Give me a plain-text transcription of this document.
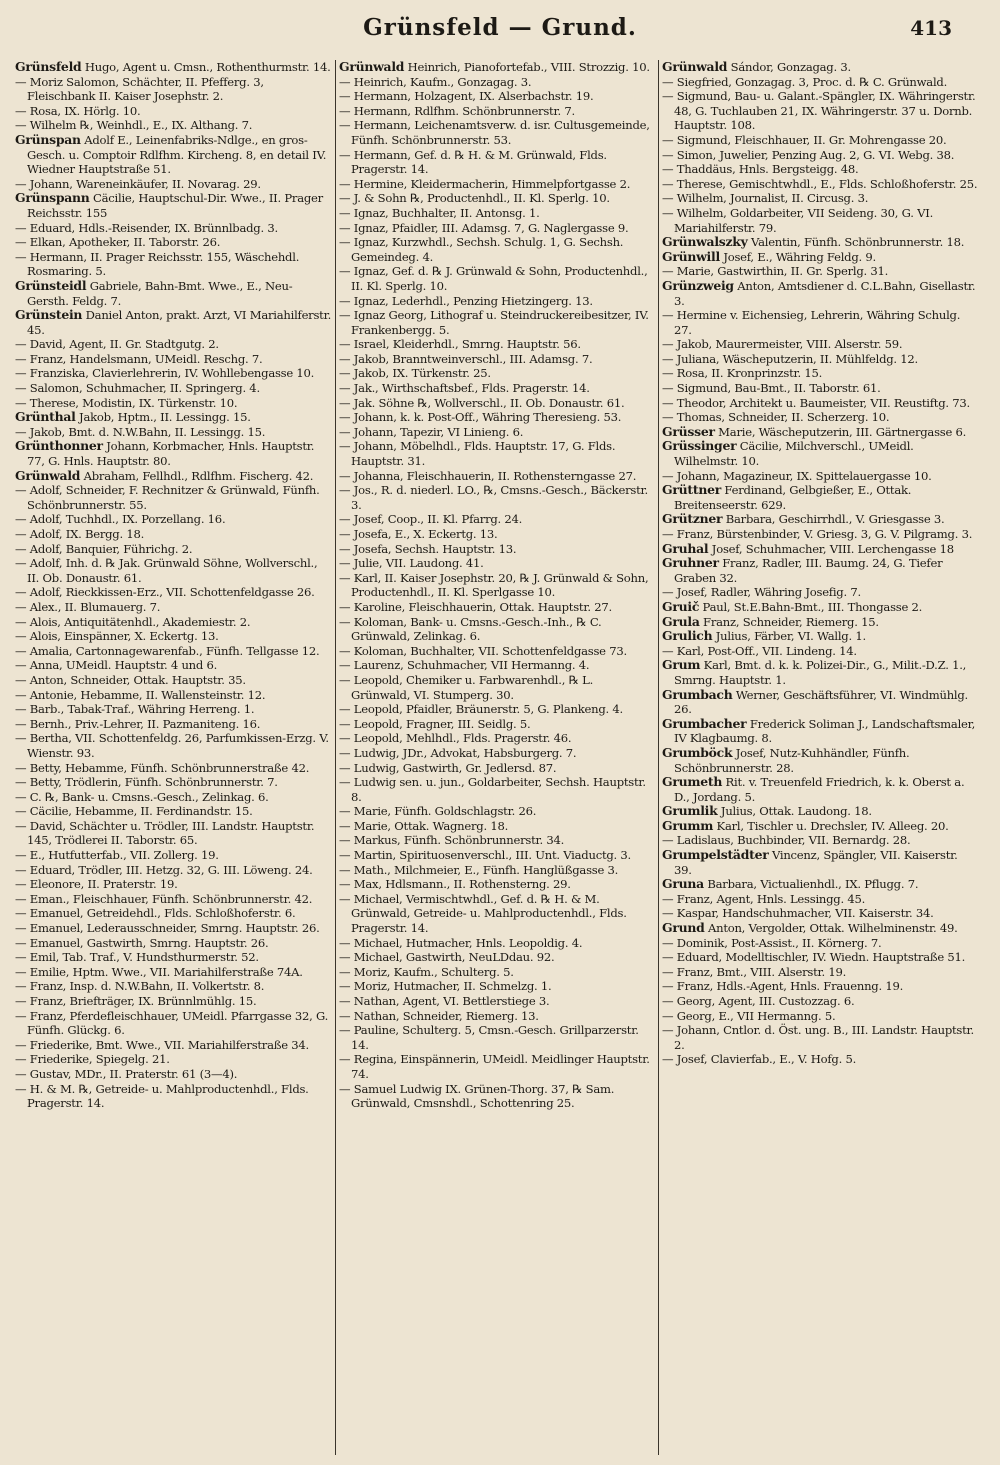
Grünsfeld — Grund.	413

Grünsfeld Hugo, Agent u. Cmsn., Rothenthurmstr. 14.

— Moriz Salomon, Schächter, II. Pfefferg. 3, Fleischbank II. Kaiser Josephstr. 2.

— Rosa, IX. Hörlg. 10.

— Wilhelm ℞, Weinhdl., E., IX. Althang. 7.

Grünspan Adolf E., Leinenfabriks-Ndlge., en gros-Gesch. u. Comptoir Rdlfhm. Kircheng. 8, en detail IV. Wiedner Hauptstraße 51.

— Johann, Wareneinkäufer, II. Novarag. 29.

Grünspann Cäcilie, Hauptschul-Dir. Wwe., II. Prager Reichsstr. 155

— Eduard, Hdls.-Reisender, IX. Brünnlbadg. 3.

— Elkan, Apotheker, II. Taborstr. 26.

— Hermann, II. Prager Reichsstr. 155, Wäschehdl. Rosmaring. 5.

Grünsteidl Gabriele, Bahn-Bmt. Wwe., E., Neu-Gersth. Feldg. 7.

Grünstein Daniel Anton, prakt. Arzt, VI Mariahilferstr. 45.

— David, Agent, II. Gr. Stadtgutg. 2.

— Franz, Handelsmann, UMeidl. Reschg. 7.

— Franziska, Clavierlehrerin, IV. Wohllebengasse 10.

— Salomon, Schuhmacher, II. Springerg. 4.

— Therese, Modistin, IX. Türkenstr. 10.

Grünthal Jakob, Hptm., II. Lessingg. 15.

— Jakob, Bmt. d. N.W.Bahn, II. Lessingg. 15.

Grünthonner Johann, Korbmacher, Hnls. Hauptstr. 77, G. Hnls. Hauptstr. 80.

Grünwald Abraham, Fellhdl., Rdlfhm. Fischerg. 42.

— Adolf, Schneider, F. Rechnitzer & Grünwald, Fünfh. Schönbrunnerstr. 55.

— Adolf, Tuchhdl., IX. Porzellang. 16.

— Adolf, IX. Bergg. 18.

— Adolf, Banquier, Führichg. 2.

— Adolf, Inh. d. ℞ Jak. Grünwald Söhne, Wollverschl., II. Ob. Donaustr. 61.

— Adolf, Rieckkissen-Erz., VII. Schottenfeldgasse 26.

— Alex., II. Blumauerg. 7.

— Alois, Antiquitätenhdl., Akademiestr. 2.

— Alois, Einspänner, X. Eckertg. 13.

— Amalia, Cartonnagewarenfab., Fünfh. Tellgasse 12.

— Anna, UMeidl. Hauptstr. 4 und 6.

— Anton, Schneider, Ottak. Hauptstr. 35.

— Antonie, Hebamme, II. Wallensteinstr. 12.

— Barb., Tabak-Traf., Währing Herreng. 1.

— Bernh., Priv.-Lehrer, II. Pazmaniteng. 16.

— Bertha, VII. Schottenfeldg. 26, Parfumkissen-Erzg. V. Wienstr. 93.

— Betty, Hebamme, Fünfh. Schönbrunnerstraße 42.

— Betty, Trödlerin, Fünfh. Schönbrunnerstr. 7.

— C. ℞, Bank- u. Cmsns.-Gesch., Zelinkag. 6.

— Cäcilie, Hebamme, II. Ferdinandstr. 15.

— David, Schächter u. Trödler, III. Landstr. Hauptstr. 145, Trödlerei II. Taborstr. 65.

— E., Hutfutterfab., VII. Zollerg. 19.

— Eduard, Trödler, III. Hetzg. 32, G. III. Löweng. 24.

— Eleonore, II. Praterstr. 19.

— Eman., Fleischhauer, Fünfh. Schönbrunnerstr. 42.

— Emanuel, Getreidehdl., Flds. Schloßhoferstr. 6.

— Emanuel, Lederausschneider, Smrng. Hauptstr. 26.

— Emanuel, Gastwirth, Smrng. Hauptstr. 26.

— Emil, Tab. Traf., V. Hundsthurmerstr. 52.

— Emilie, Hptm. Wwe., VII. Mariahilferstraße 74A.

— Franz, Insp. d. N.W.Bahn, II. Volkertstr. 8.

— Franz, Briefträger, IX. Brünnlmühlg. 15.

— Franz, Pferdefleischhauer, UMeidl. Pfarrgasse 32, G. Fünfh. Glückg. 6.

— Friederike, Bmt. Wwe., VII. Mariahilferstraße 34.

— Friederike, Spiegelg. 21.

— Gustav, MDr., II. Praterstr. 61 (3—4).

— H. & M. ℞, Getreide- u. Mahlproductenhdl., Flds. Pragerstr. 14.

Grünwald Heinrich, Pianofortefab., VIII. Strozzig. 10.

— Heinrich, Kaufm., Gonzagag. 3.

— Hermann, Holzagent, IX. Alserbachstr. 19.

— Hermann, Rdlfhm. Schönbrunnerstr. 7.

— Hermann, Leichenamtsverw. d. isr. Cultusgemeinde, Fünfh. Schönbrunnerstr. 53.

— Hermann, Gef. d. ℞ H. & M. Grünwald, Flds. Pragerstr. 14.

— Hermine, Kleidermacherin, Himmelpfortgasse 2.

— J. & Sohn ℞, Productenhdl., II. Kl. Sperlg. 10.

— Ignaz, Buchhalter, II. Antonsg. 1.

— Ignaz, Pfaidler, III. Adamsg. 7, G. Naglergasse 9.

— Ignaz, Kurzwhdl., Sechsh. Schulg. 1, G. Sechsh. Gemeindeg. 4.

— Ignaz, Gef. d. ℞ J. Grünwald & Sohn, Productenhdl., II. Kl. Sperlg. 10.

— Ignaz, Lederhdl., Penzing Hietzingerg. 13.

— Ignaz Georg, Lithograf u. Steindruckereibesitzer, IV. Frankenbergg. 5.

— Israel, Kleiderhdl., Smrng. Hauptstr. 56.

— Jakob, Branntweinverschl., III. Adamsg. 7.

— Jakob, IX. Türkenstr. 25.

— Jak., Wirthschaftsbef., Flds. Pragerstr. 14.

— Jak. Söhne ℞, Wollverschl., II. Ob. Donaustr. 61.

— Johann, k. k. Post-Off., Währing Theresieng. 53.

— Johann, Tapezir, VI Linieng. 6.

— Johann, Möbelhdl., Flds. Hauptstr. 17, G. Flds. Hauptstr. 31.

— Johanna, Fleischhauerin, II. Rothensterngasse 27.

— Jos., R. d. niederl. LO., ℞, Cmsns.-Gesch., Bäckerstr. 3.

— Josef, Coop., II. Kl. Pfarrg. 24.

— Josefa, E., X. Eckertg. 13.

— Josefa, Sechsh. Hauptstr. 13.

— Julie, VII. Laudong. 41.

— Karl, II. Kaiser Josephstr. 20, ℞ J. Grünwald & Sohn, Productenhdl., II. Kl. Sperlgasse 10.

— Karoline, Fleischhauerin, Ottak. Hauptstr. 27.

— Koloman, Bank- u. Cmsns.-Gesch.-Inh., ℞ C. Grünwald, Zelinkag. 6.

— Koloman, Buchhalter, VII. Schottenfeldgasse 73.

— Laurenz, Schuhmacher, VII Hermanng. 4.

— Leopold, Chemiker u. Farbwarenhdl., ℞ L. Grünwald, VI. Stumperg. 30.

— Leopold, Pfaidler, Bräunerstr. 5, G. Plankeng. 4.

— Leopold, Fragner, III. Seidlg. 5.

— Leopold, Mehlhdl., Flds. Pragerstr. 46.

— Ludwig, JDr., Advokat, Habsburgerg. 7.

— Ludwig, Gastwirth, Gr. Jedlersd. 87.

— Ludwig sen. u. jun., Goldarbeiter, Sechsh. Hauptstr. 8.

— Marie, Fünfh. Goldschlagstr. 26.

— Marie, Ottak. Wagnerg. 18.

— Markus, Fünfh. Schönbrunnerstr. 34.

— Martin, Spirituosenverschl., III. Unt. Viaductg. 3.

— Math., Milchmeier, E., Fünfh. Hanglüßgasse 3.

— Max, Hdlsmann., II. Rothensterng. 29.

— Michael, Vermischtwhdl., Gef. d. ℞ H. & M. Grünwald, Getreide- u. Mahlproductenhdl., Flds. Pragerstr. 14.

— Michael, Hutmacher, Hnls. Leopoldig. 4.

— Michael, Gastwirth, NeuLDdau. 92.

— Moriz, Kaufm., Schulterg. 5.

— Moriz, Hutmacher, II. Schmelzg. 1.

— Nathan, Agent, VI. Bettlerstiege 3.

— Nathan, Schneider, Riemerg. 13.

— Pauline, Schulterg. 5, Cmsn.-Gesch. Grillparzerstr. 14.

— Regina, Einspännerin, UMeidl. Meidlinger Hauptstr. 74.

— Samuel Ludwig IX. Grünen-Thorg. 37, ℞ Sam. Grünwald, Cmsnshdl., Schottenring 25.

Grünwald Sándor, Gonzagag. 3.

— Siegfried, Gonzagag. 3, Proc. d. ℞ C. Grünwald.

— Sigmund, Bau- u. Galant.-Spängler, IX. Währingerstr. 48, G. Tuchlauben 21, IX. Währingerstr. 37 u. Dornb. Hauptstr. 108.

— Sigmund, Fleischhauer, II. Gr. Mohrengasse 20.

— Simon, Juwelier, Penzing Aug. 2, G. VI. Webg. 38.

— Thaddäus, Hnls. Bergsteigg. 48.

— Therese, Gemischtwhdl., E., Flds. Schloßhoferstr. 25.

— Wilhelm, Journalist, II. Circusg. 3.

— Wilhelm, Goldarbeiter, VII Seideng. 30, G. VI. Mariahilferstr. 79.

Grünwalszky Valentin, Fünfh. Schönbrunnerstr. 18.

Grünwill Josef, E., Währing Feldg. 9.

— Marie, Gastwirthin, II. Gr. Sperlg. 31.

Grünzweig Anton, Amtsdiener d. C.L.Bahn, Gisellastr. 3.

— Hermine v. Eichensieg, Lehrerin, Währing Schulg. 27.

— Jakob, Maurermeister, VIII. Alserstr. 59.

— Juliana, Wäscheputzerin, II. Mühlfeldg. 12.

— Rosa, II. Kronprinzstr. 15.

— Sigmund, Bau-Bmt., II. Taborstr. 61.

— Theodor, Architekt u. Baumeister, VII. Reustiftg. 73.

— Thomas, Schneider, II. Scherzerg. 10.

Grüsser Marie, Wäscheputzerin, III. Gärtnergasse 6.

Grüssinger Cäcilie, Milchverschl., UMeidl. Wilhelmstr. 10.

— Johann, Magazineur, IX. Spittelauergasse 10.

Grüttner Ferdinand, Gelbgießer, E., Ottak. Breitenseerstr. 629.

Grützner Barbara, Geschirrhdl., V. Griesgasse 3.

— Franz, Bürstenbinder, V. Griesg. 3, G. V. Pilgramg. 3.

Gruhal Josef, Schuhmacher, VIII. Lerchengasse 18

Gruhner Franz, Radler, III. Baumg. 24, G. Tiefer Graben 32.

— Josef, Radler, Währing Josefig. 7.

Gruič Paul, St.E.Bahn-Bmt., III. Thongasse 2.

Grula Franz, Schneider, Riemerg. 15.

Grulich Julius, Färber, VI. Wallg. 1.

— Karl, Post-Off., VII. Lindeng. 14.

Grum Karl, Bmt. d. k. k. Polizei-Dir., G., Milit.-D.Z. 1., Smrng. Hauptstr. 1.

Grumbach Werner, Geschäftsführer, VI. Windmühlg. 26.

Grumbacher Frederick Soliman J., Landschaftsmaler, IV Klagbaumg. 8.

Grumböck Josef, Nutz-Kuhhändler, Fünfh. Schönbrunnerstr. 28.

Grumeth Rit. v. Treuenfeld Friedrich, k. k. Oberst a. D., Jordang. 5.

Grumlik Julius, Ottak. Laudong. 18.

Grumm Karl, Tischler u. Drechsler, IV. Alleeg. 20.

— Ladislaus, Buchbinder, VII. Bernardg. 28.

Grumpelstädter Vincenz, Spängler, VII. Kaiserstr. 39.

Gruna Barbara, Victualienhdl., IX. Pflugg. 7.

— Franz, Agent, Hnls. Lessingg. 45.

— Kaspar, Handschuhmacher, VII. Kaiserstr. 34.

Grund Anton, Vergolder, Ottak. Wilhelminenstr. 49.

— Dominik, Post-Assist., II. Körnerg. 7.

— Eduard, Modelltischler, IV. Wiedn. Hauptstraße 51.

— Franz, Bmt., VIII. Alserstr. 19.

— Franz, Hdls.-Agent, Hnls. Frauenng. 19.

— Georg, Agent, III. Custozzag. 6.

— Georg, E., VII Hermanng. 5.

— Johann, Cntlor. d. Öst. ung. B., III. Landstr. Hauptstr. 2.

— Josef, Clavierfab., E., V. Hofg. 5.
